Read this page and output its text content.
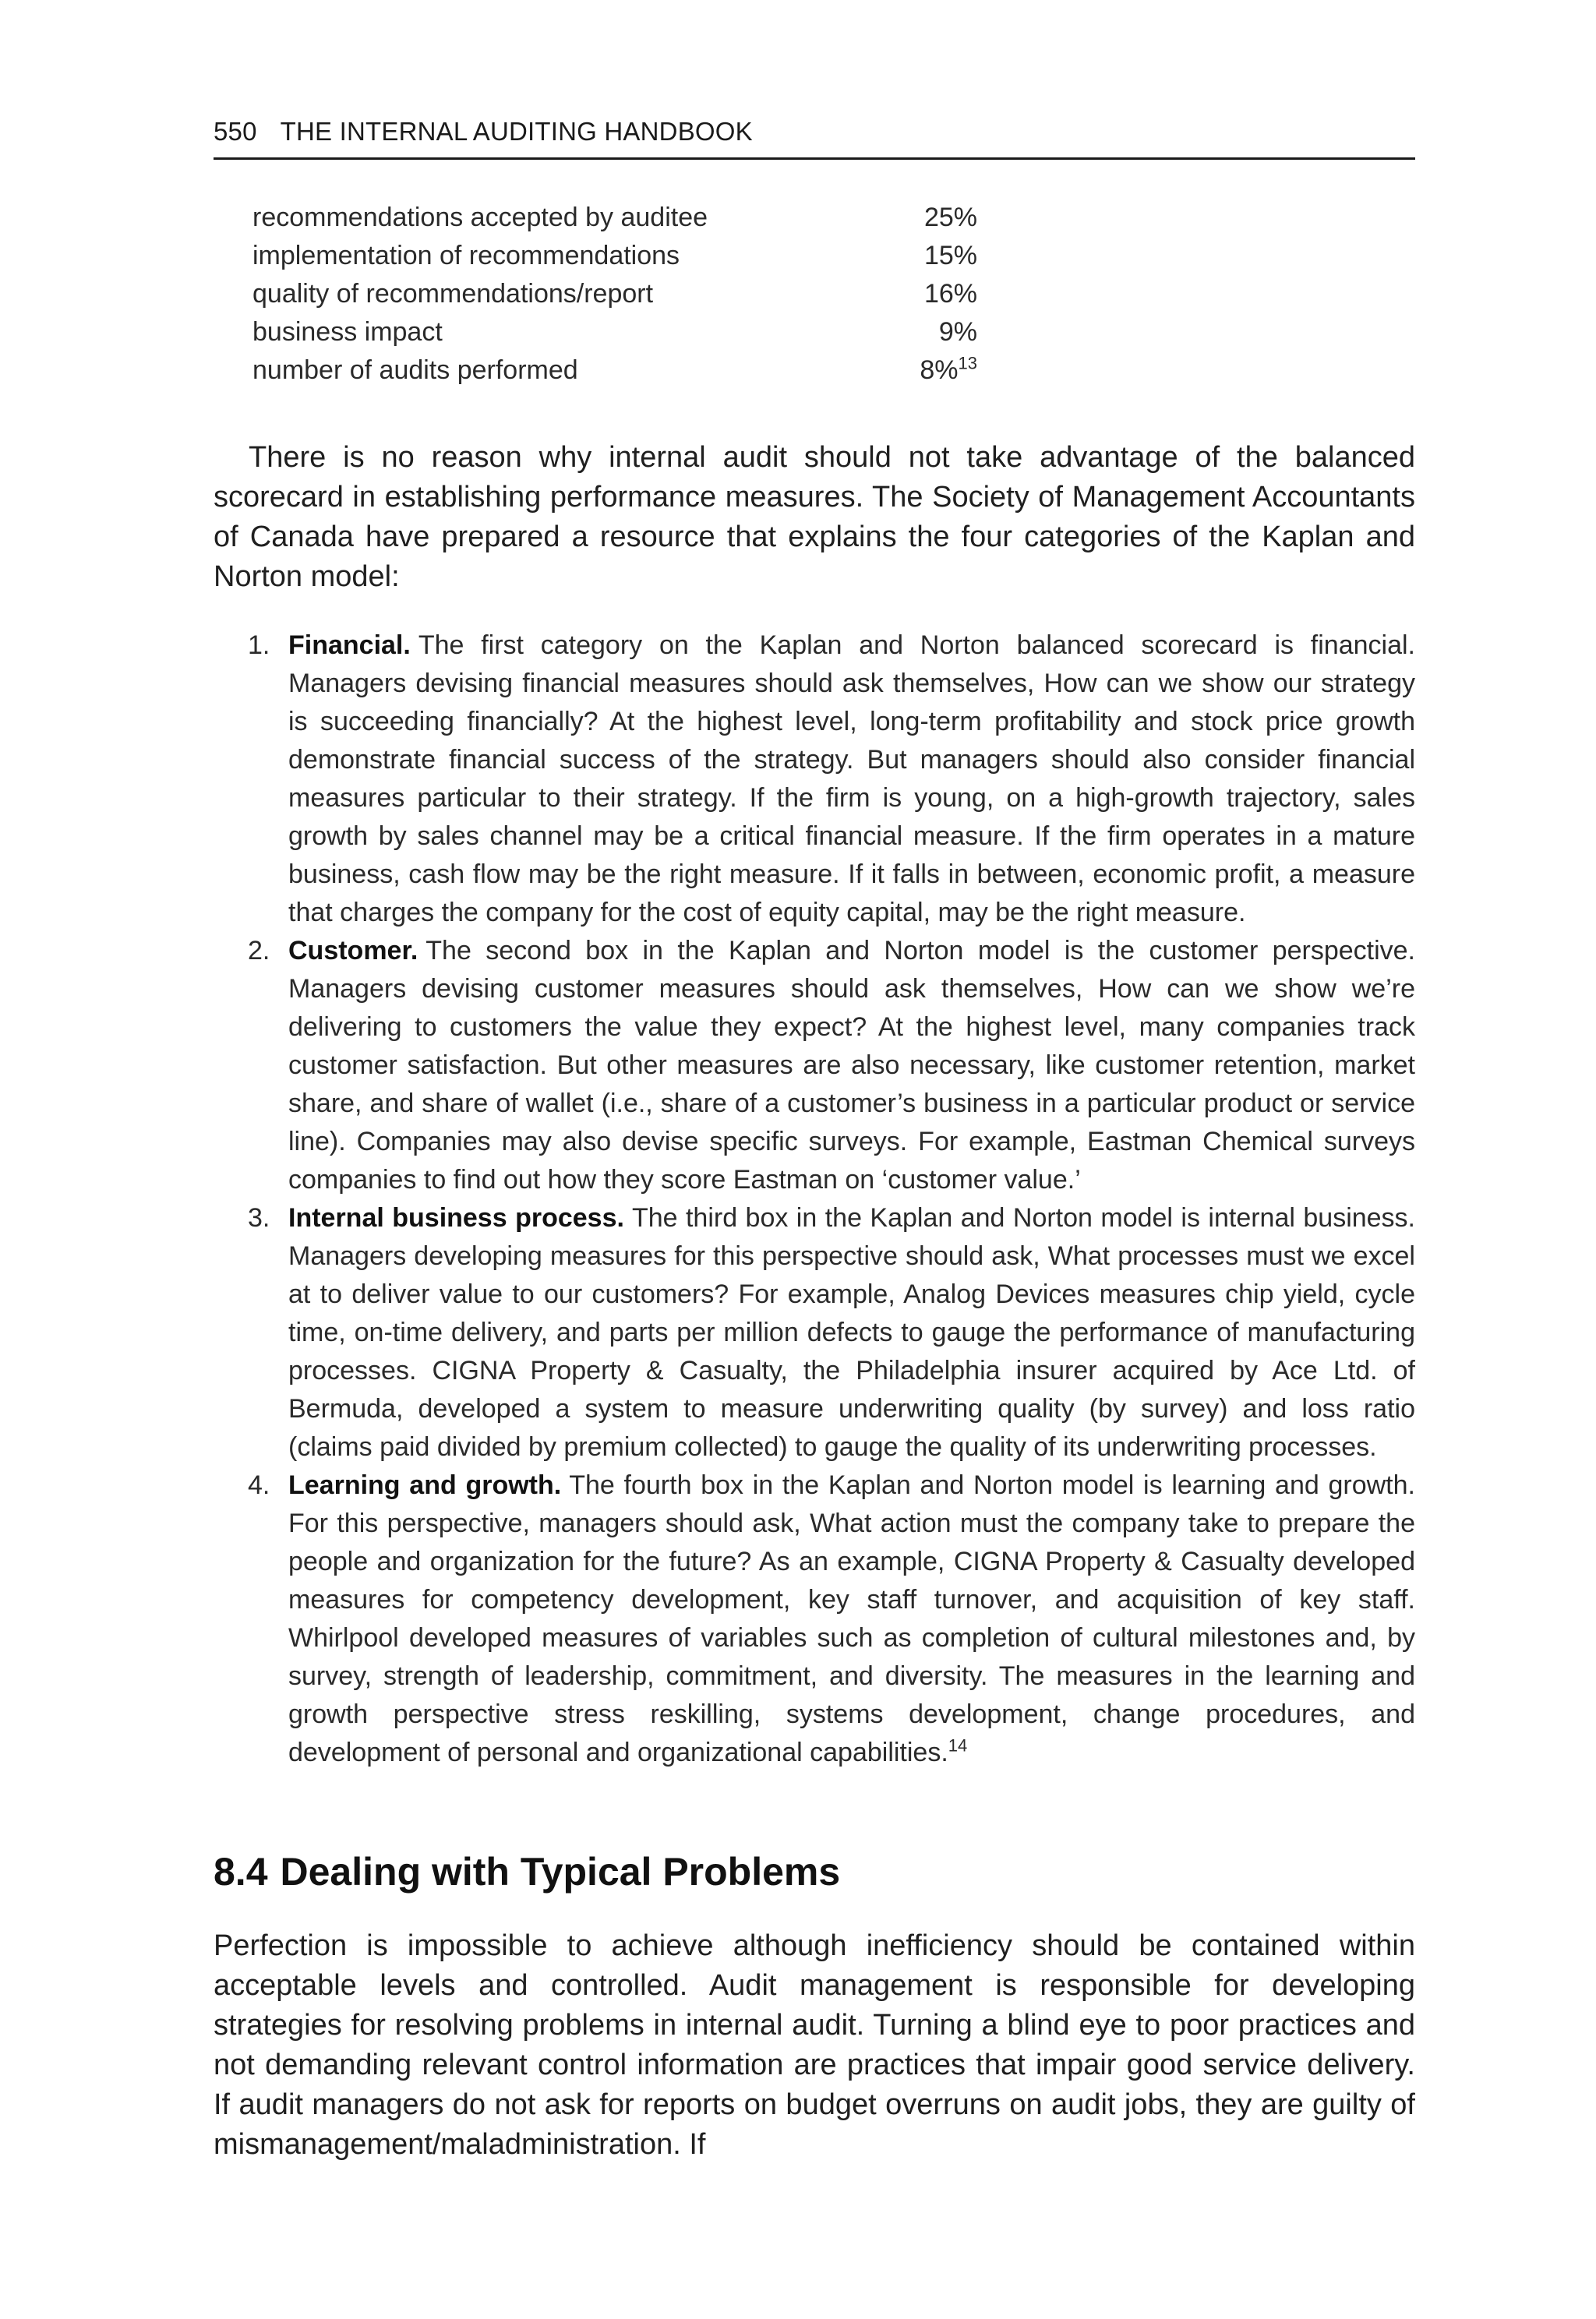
550 THE INTERNAL AUDITING HANDBOOK
recommendations accepted by auditee	25%
implementation of recommendations	15%
quality of recommendations/report	16%
business impact	9%
number of audits performed	8%$^{13}$

There is no reason why internal audit should not take advantage of the balanced scorecard in establishing performance measures. The Society of Management Accountants of Canada have prepared a resource that explains the four categories of the Kaplan and Norton model:

1. Financial. The first category on the Kaplan and Norton balanced scorecard is financial. Managers devising financial measures should ask themselves, How can we show our strategy is succeeding financially? At the highest level, long-term profitability and stock price growth demonstrate financial success of the strategy. But managers should also consider financial measures particular to their strategy. If the firm is young, on a high-growth trajectory, sales growth by sales channel may be a critical financial measure. If the firm operates in a mature business, cash flow may be the right measure. If it falls in between, economic profit, a measure that charges the company for the cost of equity capital, may be the right measure.
2. Customer. The second box in the Kaplan and Norton model is the customer perspective. Managers devising customer measures should ask themselves, How can we show we’re delivering to customers the value they expect? At the highest level, many companies track customer satisfaction. But other measures are also necessary, like customer retention, market share, and share of wallet (i.e., share of a customer’s business in a particular product or service line). Companies may also devise specific surveys. For example, Eastman Chemical surveys companies to find out how they score Eastman on ‘customer value.’
3. Internal business process. The third box in the Kaplan and Norton model is internal business. Managers developing measures for this perspective should ask, What processes must we excel at to deliver value to our customers? For example, Analog Devices measures chip yield, cycle time, on-time delivery, and parts per million defects to gauge the performance of manufacturing processes. CIGNA Property & Casualty, the Philadelphia insurer acquired by Ace Ltd. of Bermuda, developed a system to measure underwriting quality (by survey) and loss ratio (claims paid divided by premium collected) to gauge the quality of its underwriting processes.
4. Learning and growth. The fourth box in the Kaplan and Norton model is learning and growth. For this perspective, managers should ask, What action must the company take to prepare the people and organization for the future? As an example, CIGNA Property & Casualty developed measures for competency development, key staff turnover, and acquisition of key staff. Whirlpool developed measures of variables such as completion of cultural milestones and, by survey, strength of leadership, commitment, and diversity. The measures in the learning and growth perspective stress reskilling, systems development, change procedures, and development of personal and organizational capabilities.$^{14}$
8.4 Dealing with Typical Problems

Perfection is impossible to achieve although inefficiency should be contained within acceptable levels and controlled. Audit management is responsible for developing strategies for resolving problems in internal audit. Turning a blind eye to poor practices and not demanding relevant control information are practices that impair good service delivery. If audit managers do not ask for reports on budget overruns on audit jobs, they are guilty of mismanagement/maladministration. If
